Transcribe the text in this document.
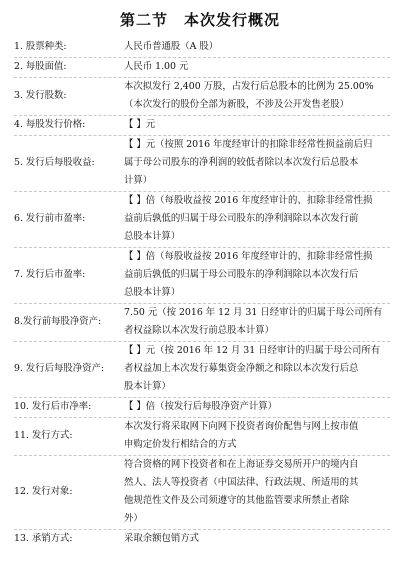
第二节　本次发行概况
1. 股票种类:	人民币普通股（A 股）
2. 每股面值:	人民币 1.00 元
3. 发行股数:
本次拟发行 2,400 万股，占发行后总股本的比例为 25.00%
（本次发行的股份全部为新股，不涉及公开发售老股）
4. 每股发行价格:	【 】元
5. 发行后每股收益:
【 】元（按照 2016 年度经审计的扣除非经常性损益前后归
属于母公司股东的净利润的较低者除以本次发行后总股本
计算）
6. 发行前市盈率:
【 】倍（每股收益按 2016 年度经审计的、扣除非经常性损
益前后孰低的归属于母公司股东的净利润除以本次发行前
总股本计算）
7. 发行后市盈率:
【 】倍（每股收益按 2016 年度经审计的、扣除非经常性损
益前后孰低的归属于母公司股东的净利润除以本次发行后
总股本计算）
8.发行前每股净资产:
7.50 元（按 2016 年 12 月 31 日经审计的归属于母公司所有
者权益除以本次发行前总股本计算）
9. 发行后每股净资产:
【 】元（按 2016 年 12 月 31 日经审计的归属于母公司所有
者权益加上本次发行募集资金净额之和除以本次发行后总
股本计算）
10. 发行后市净率:	【 】倍（按发行后每股净资产计算）
11. 发行方式:
本次发行将采取网下向网下投资者询价配售与网上按市值
申购定价发行相结合的方式
12. 发行对象:
符合资格的网下投资者和在上海证券交易所开户的境内自
然人、法人等投资者（中国法律、行政法规、所适用的其
他规范性文件及公司须遵守的其他监管要求所禁止者除
外）
13. 承销方式:	采取余额包销方式
